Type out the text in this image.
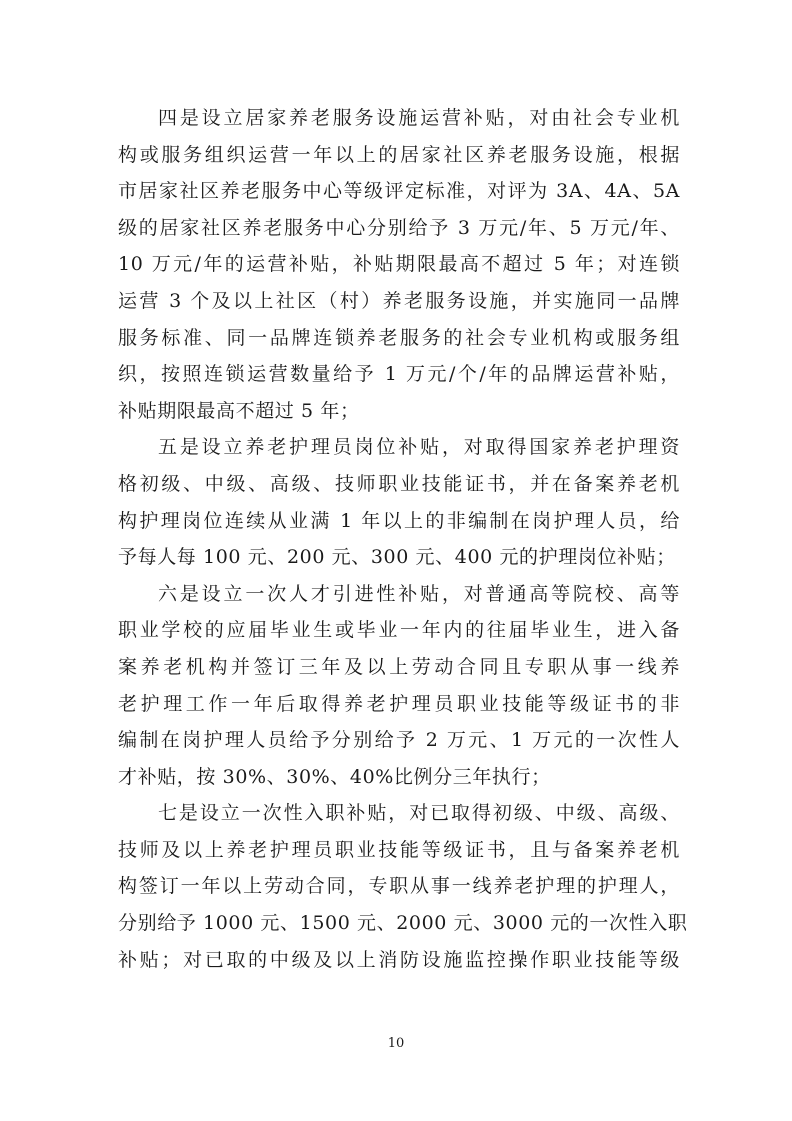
四是设立居家养老服务设施运营补贴，对由社会专业机
构或服务组织运营一年以上的居家社区养老服务设施，根据
市居家社区养老服务中心等级评定标准，对评为 3A、4A、5A
级的居家社区养老服务中心分别给予 3 万元/年、5 万元/年、
10 万元/年的运营补贴，补贴期限最高不超过 5 年；对连锁
运营 3 个及以上社区（村）养老服务设施，并实施同一品牌
服务标准、同一品牌连锁养老服务的社会专业机构或服务组
织，按照连锁运营数量给予 1 万元/个/年的品牌运营补贴，
补贴期限最高不超过 5 年；
五是设立养老护理员岗位补贴，对取得国家养老护理资
格初级、中级、高级、技师职业技能证书，并在备案养老机
构护理岗位连续从业满 1 年以上的非编制在岗护理人员，给
予每人每 100 元、200 元、300 元、400 元的护理岗位补贴；
六是设立一次人才引进性补贴，对普通高等院校、高等
职业学校的应届毕业生或毕业一年内的往届毕业生，进入备
案养老机构并签订三年及以上劳动合同且专职从事一线养
老护理工作一年后取得养老护理员职业技能等级证书的非
编制在岗护理人员给予分别给予 2 万元、1 万元的一次性人
才补贴，按 30%、30%、40%比例分三年执行；
七是设立一次性入职补贴，对已取得初级、中级、高级、
技师及以上养老护理员职业技能等级证书，且与备案养老机
构签订一年以上劳动合同，专职从事一线养老护理的护理人，
分别给予 1000 元、1500 元、2000 元、3000 元的一次性入职
补贴；对已取的中级及以上消防设施监控操作职业技能等级
10
